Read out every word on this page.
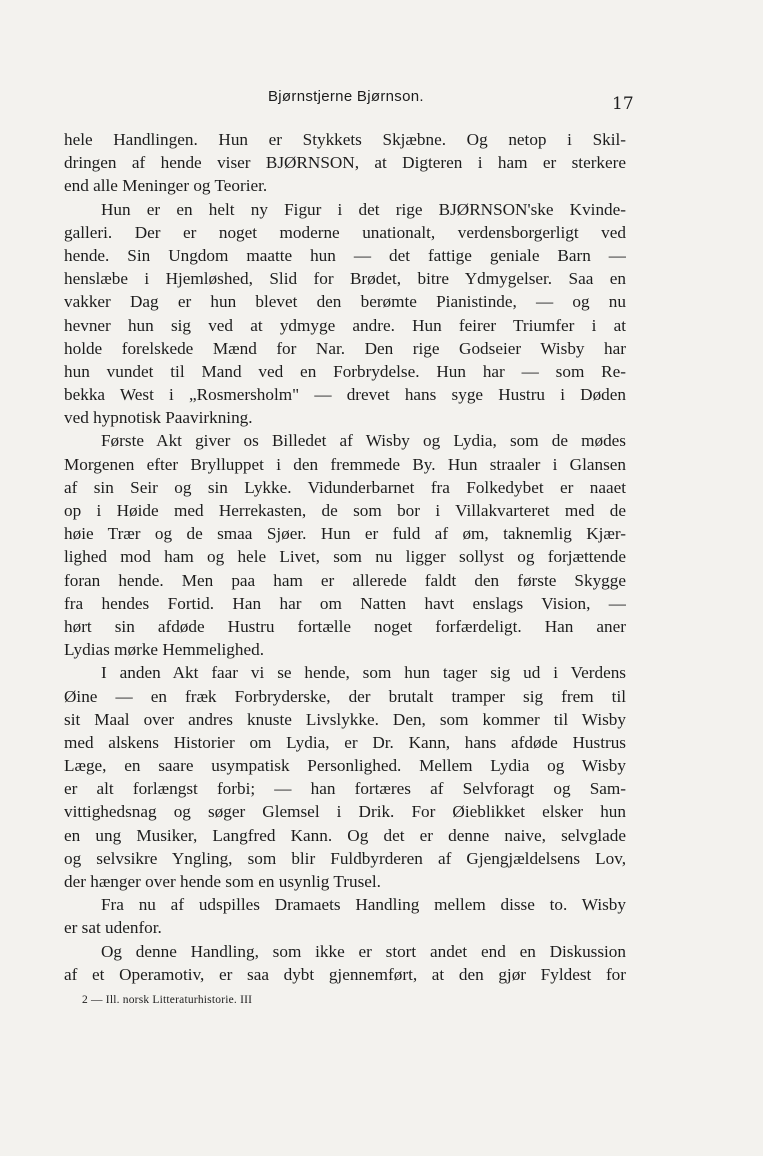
Bjørnstjerne Bjørnson.	17
hele Handlingen. Hun er Stykkets Skjæbne. Og netop i Skil-
dringen af hende viser BJØRNSON, at Digteren i ham er sterkere
end alle Meninger og Teorier.
Hun er en helt ny Figur i det rige BJØRNSON'ske Kvinde-
galleri. Der er noget moderne unationalt, verdensborgerligt ved
hende. Sin Ungdom maatte hun — det fattige geniale Barn —
henslæbe i Hjemløshed, Slid for Brødet, bitre Ydmygelser. Saa en
vakker Dag er hun blevet den berømte Pianistinde, — og nu
hevner hun sig ved at ydmyge andre. Hun feirer Triumfer i at
holde forelskede Mænd for Nar. Den rige Godseier Wisby har
hun vundet til Mand ved en Forbrydelse. Hun har — som Re-
bekka West i „Rosmersholm" — drevet hans syge Hustru i Døden
ved hypnotisk Paavirkning.
Første Akt giver os Billedet af Wisby og Lydia, som de mødes
Morgenen efter Brylluppet i den fremmede By. Hun straaler i Glansen
af sin Seir og sin Lykke. Vidunderbarnet fra Folkedybet er naaet
op i Høide med Herrekasten, de som bor i Villakvarteret med de
høie Trær og de smaa Sjøer. Hun er fuld af øm, taknemlig Kjær-
lighed mod ham og hele Livet, som nu ligger sollyst og forjættende
foran hende. Men paa ham er allerede faldt den første Skygge
fra hendes Fortid. Han har om Natten havt enslags Vision, —
hørt sin afdøde Hustru fortælle noget forfærdeligt. Han aner
Lydias mørke Hemmelighed.
I anden Akt faar vi se hende, som hun tager sig ud i Verdens
Øine — en fræk Forbryderske, der brutalt tramper sig frem til
sit Maal over andres knuste Livslykke. Den, som kommer til Wisby
med alskens Historier om Lydia, er Dr. Kann, hans afdøde Hustrus
Læge, en saare usympatisk Personlighed. Mellem Lydia og Wisby
er alt forlængst forbi; — han fortæres af Selvforagt og Sam-
vittighedsnag og søger Glemsel i Drik. For Øieblikket elsker hun
en ung Musiker, Langfred Kann. Og det er denne naive, selvglade
og selvsikre Yngling, som blir Fuldbyrderen af Gjengjældelsens Lov,
der hænger over hende som en usynlig Trusel.
Fra nu af udspilles Dramaets Handling mellem disse to. Wisby
er sat udenfor.
Og denne Handling, som ikke er stort andet end en Diskussion
af et Operamotiv, er saa dybt gjennemført, at den gjør Fyldest for
2 — Ill. norsk Litteraturhistorie. III
